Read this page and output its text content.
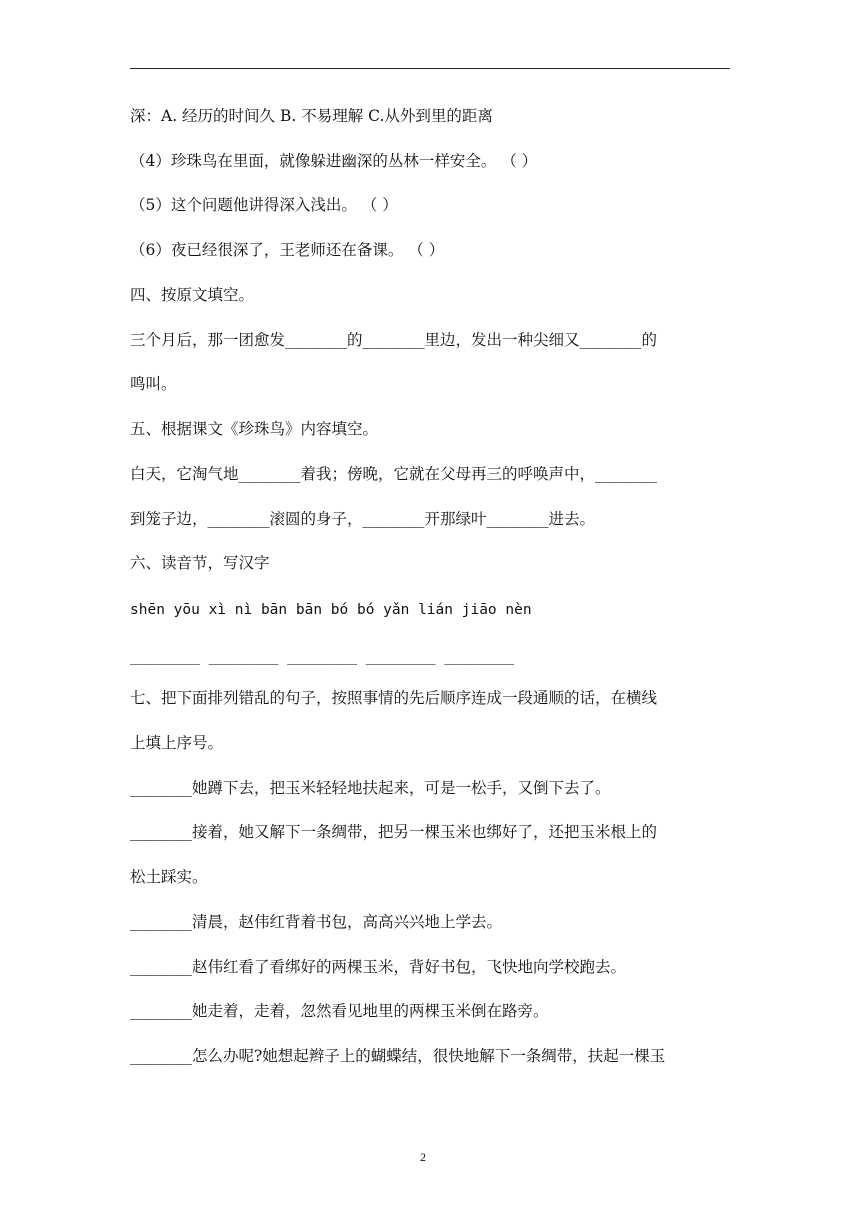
深：A. 经历的时间久 B. 不易理解 C.从外到里的距离
（4）珍珠鸟在里面，就像躲进幽深的丛林一样安全。 （ ）
（5）这个问题他讲得深入浅出。 （ ）
（6）夜已经很深了，王老师还在备课。 （ ）
四、按原文填空。
三个月后，那一团愈发________的________里边，发出一种尖细又________的
鸣叫。
五、根据课文《珍珠鸟》内容填空。
白天，它淘气地________着我；傍晚，它就在父母再三的呼唤声中，________
到笼子边，________滚圆的身子，________开那绿叶________进去。
六、读音节，写汉字
shēn yōu xì nì bān bān bó bó yǎn lián jiāo nèn
________ ________ ________ ________ ________
七、把下面排列错乱的句子，按照事情的先后顺序连成一段通顺的话，在横线
上填上序号。
________她蹲下去，把玉米轻轻地扶起来，可是一松手，又倒下去了。
________接着，她又解下一条绸带，把另一棵玉米也绑好了，还把玉米根上的
松土踩实。
________清晨，赵伟红背着书包，高高兴兴地上学去。
________赵伟红看了看绑好的两棵玉米，背好书包，飞快地向学校跑去。
________她走着，走着，忽然看见地里的两棵玉米倒在路旁。
________怎么办呢?她想起辫子上的蝴蝶结，很快地解下一条绸带，扶起一棵玉
2
